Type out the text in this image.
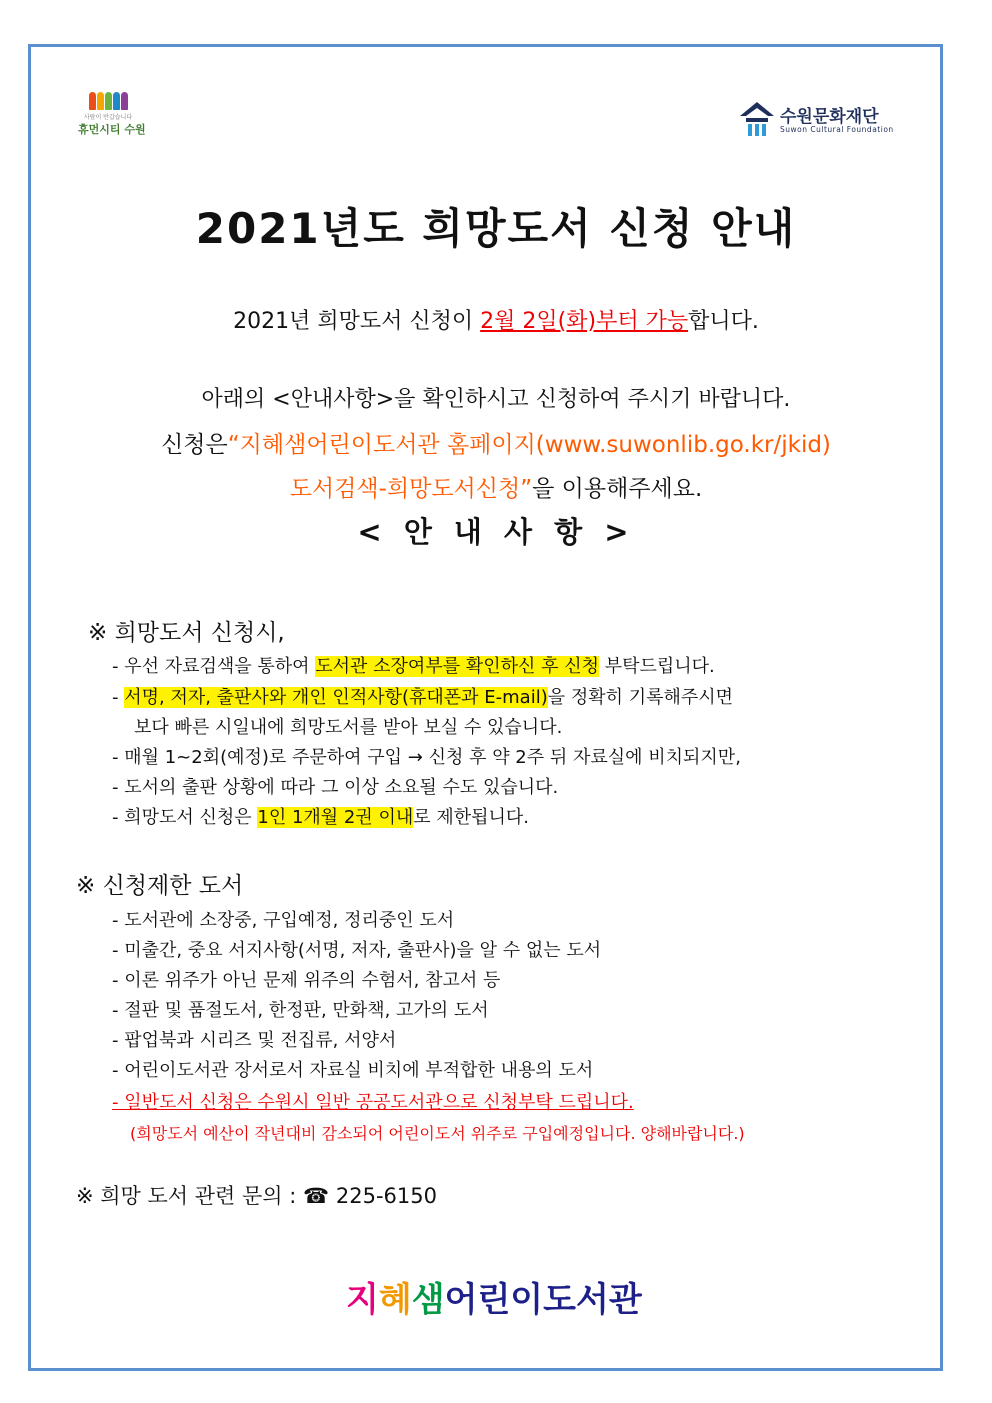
사람이 반갑습니다
휴먼시티 수원
수원문화재단
Suwon Cultural Foundation
2021년도 희망도서 신청 안내
2021년 희망도서 신청이 2월 2일(화)부터 가능합니다.
아래의 <안내사항>을 확인하시고 신청하여 주시기 바랍니다.
신청은“지혜샘어린이도서관 홈페이지(www.suwonlib.go.kr/jkid)
도서검색-희망도서신청”을 이용해주세요.
< 안 내 사 항 >
※ 희망도서 신청시,
- 우선 자료검색을 통하여 도서관 소장여부를 확인하신 후 신청 부탁드립니다.
- 서명, 저자, 출판사와 개인 인적사항(휴대폰과 E-mail)을 정확히 기록해주시면
보다 빠른 시일내에 희망도서를 받아 보실 수 있습니다.
- 매월 1~2회(예정)로 주문하여 구입 → 신청 후 약 2주 뒤 자료실에 비치되지만,
- 도서의 출판 상황에 따라 그 이상 소요될 수도 있습니다.
- 희망도서 신청은 1인 1개월 2권 이내로 제한됩니다.
※ 신청제한 도서
- 도서관에 소장중, 구입예정, 정리중인 도서
- 미출간, 중요 서지사항(서명, 저자, 출판사)을 알 수 없는 도서
- 이론 위주가 아닌 문제 위주의 수험서, 참고서 등
- 절판 및 품절도서, 한정판, 만화책, 고가의 도서
- 팝업북과 시리즈 및 전집류, 서양서
- 어린이도서관 장서로서 자료실 비치에 부적합한 내용의 도서
- 일반도서 신청은 수원시 일반 공공도서관으로 신청부탁 드립니다.
(희망도서 예산이 작년대비 감소되어 어린이도서 위주로 구입예정입니다. 양해바랍니다.)
※ 희망 도서 관련 문의 : ☎ 225-6150
지혜샘어린이도서관
